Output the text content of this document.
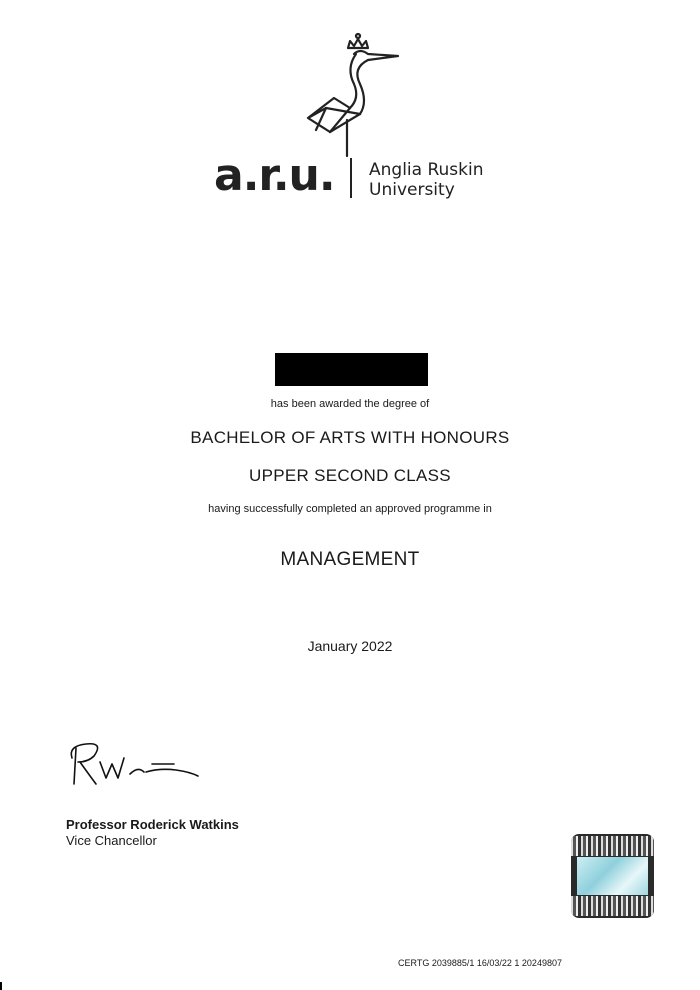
a.r.u. Anglia Ruskin
University
has been awarded the degree of
BACHELOR OF ARTS WITH HONOURS
UPPER SECOND CLASS
having successfully completed an approved programme in
MANAGEMENT
January 2022
Professor Roderick Watkins
Vice Chancellor
CERTG 2039885/1 16/03/22 1 20249807
